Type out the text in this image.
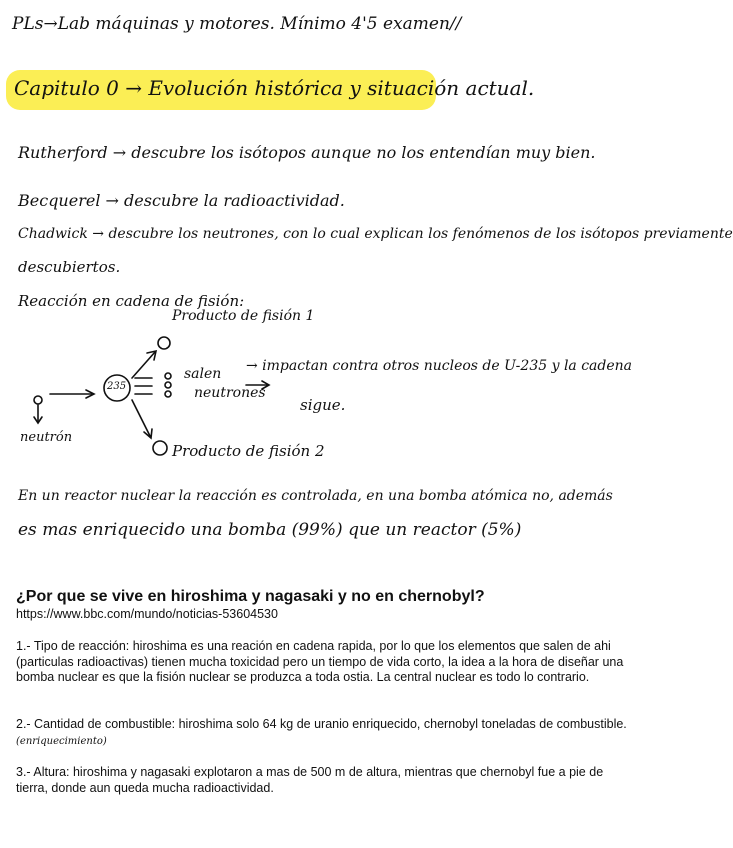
PLs→Lab máquinas y motores. Mínimo 4'5 examen//
Capitulo 0 → Evolución histórica y situación actual.
Rutherford → descubre los isótopos aunque no los entendían muy bien.
Becquerel → descubre la radioactividad.
Chadwick → descubre los neutrones, con lo cual explican los fenómenos de los isótopos previamente
descubiertos.
Reacción en cadena de fisión:
Producto de fisión 1
235
salen
neutrones
→ impactan contra otros nucleos de U-235 y la cadena
sigue.
neutrón
Producto de fisión 2
En un reactor nuclear la reacción es controlada, en una bomba atómica no, además
es mas enriquecido una bomba (99%) que un reactor (5%)
¿Por que se vive en hiroshima y nagasaki y no en chernobyl?
https://www.bbc.com/mundo/noticias-53604530
1.- Tipo de reacción: hiroshima es una reación en cadena rapida, por lo que los elementos que salen de ahi (particulas radioactivas) tienen mucha toxicidad pero un tiempo de vida corto, la idea a la hora de diseñar una bomba nuclear es que la fisión nuclear se produzca a toda ostia. La central nuclear es todo lo contrario.
2.- Cantidad de combustible: hiroshima solo 64 kg de uranio enriquecido, chernobyl toneladas de combustible. (enriquecimiento)
3.- Altura: hiroshima y nagasaki explotaron a mas de 500 m de altura, mientras que chernobyl fue a pie de tierra, donde aun queda mucha radioactividad.
